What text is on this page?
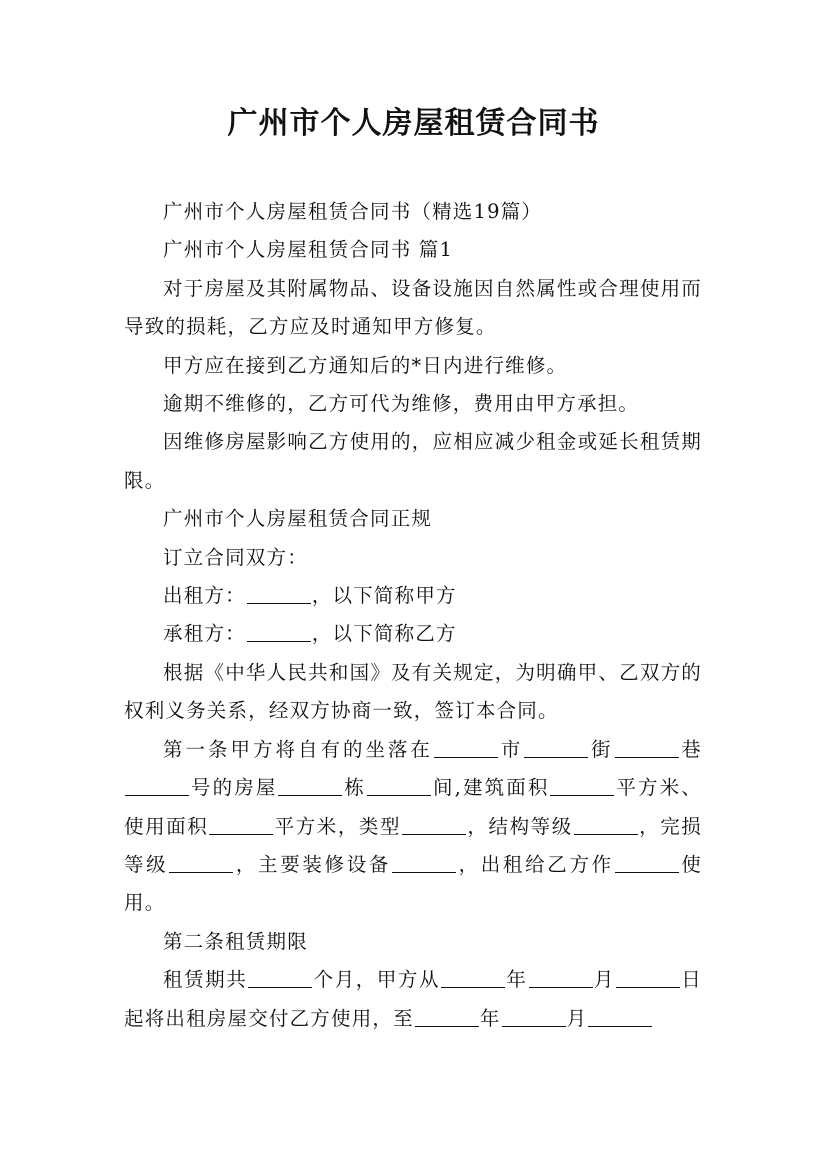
广州市个人房屋租赁合同书

广州市个人房屋租赁合同书（精选19篇）

广州市个人房屋租赁合同书 篇1

对于房屋及其附属物品、设备设施因自然属性或合理使用而导致的损耗，乙方应及时通知甲方修复。

甲方应在接到乙方通知后的*日内进行维修。

逾期不维修的，乙方可代为维修，费用由甲方承担。

因维修房屋影响乙方使用的，应相应减少租金或延长租赁期限。

广州市个人房屋租赁合同正规

订立合同双方：

出租方：	，以下简称甲方

承租方：	，以下简称乙方

根据《中华人民共和国》及有关规定，为明确甲、乙双方的权利义务关系，经双方协商一致，签订本合同。

第一条甲方将自有的坐落在	市	街	巷号的房屋	栋	间,建筑面积	平方米、使用面积	平方米，类型	，结构等级	，完损等级	，主要装修设备	，出租给乙方作	使用。

第二条租赁期限

租赁期共	个月，甲方从	年	月	日起将出租房屋交付乙方使用，至	年	月
